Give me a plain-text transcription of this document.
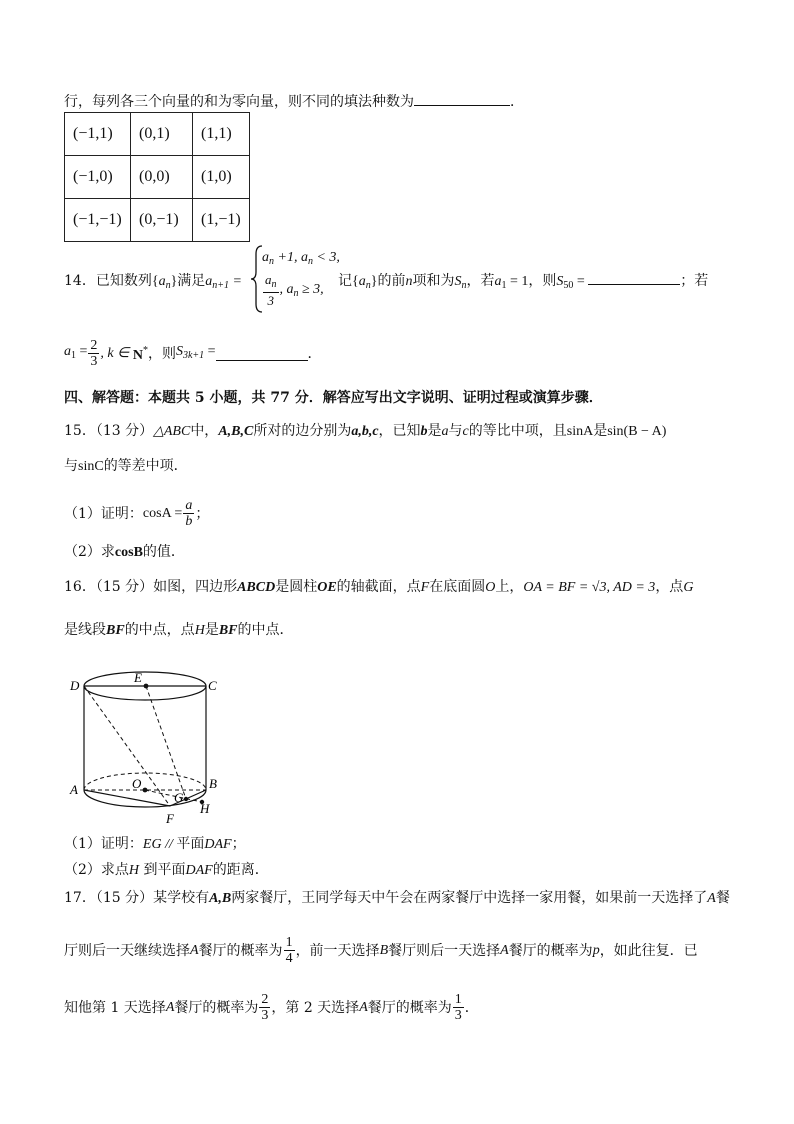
行，每列各三个向量的和为零向量，则不同的填法种数为	．
(−1,1)	(0,1)	(1,1)
(−1,0)	(0,0)	(1,0)
(−1,−1)	(0,−1)	(1,−1)
14．已知数列$\{a_n\}$满足$a_{n+1}$ =
$a_n +1$, $a_n < 3$,
$\frac{a_n}{3}$ , $a_n \ge 3$, 记$\{a_n\}$的前n项和为$S_n$，若$a_1 = 1$，则$S_{50}$ =	；若
$a_1 = \frac{2}{3}$ , k ∈ N* ，则 $S_{3k+1}$ =	．
四、解答题：本题共 5 小题，共 77 分．解答应写出文字说明、证明过程或演算步骤．
15．（13 分）△ABC中，A,B,C所对的边分别为a,b,c，已知b是a与c的等比中项，且sinA是sin(B − A)
与sinC的等差中项．
（1）证明： $\cos A = \frac{a}{b}$ ；
（2）求cosB的值．
16．（15 分）如图，四边形ABCD是圆柱OE的轴截面，点F在底面圆O上，OA = BF = √3, AD = 3，点G
是线段BF的中点，点H是BF的中点．
D
E
C
A	O	B
G
H
F
（1）证明：EG // 平面DAF；
（2）求点H 到平面DAF的距离．
17．（15 分）某学校有A,B两家餐厅，王同学每天中午会在两家餐厅中选择一家用餐，如果前一天选择了A餐
厅则后一天继续选择 A 餐厅的概率为 $\frac{1}{4}$ ，前一天选择 B 餐厅则后一天选择 A 餐厅的概率为 p ，如此往复．已
知他第 1 天选择 A 餐厅的概率为 $\frac{2}{3}$ ，第 2 天选择 A 餐厅的概率为 $\frac{1}{3}$ ．
